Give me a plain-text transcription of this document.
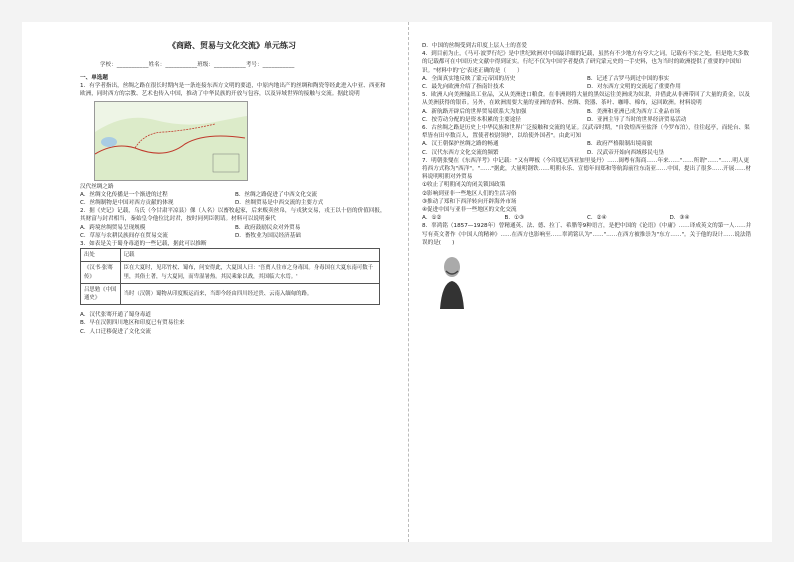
《商路、贸易与文化交流》单元练习
学校：___________姓名：___________班级：___________考号：___________

一、单选题

1．有学者指出，丝绸之路在很长时期内是一条连接东西方文明的要道，中原内地出产的丝绸和陶瓷等经此进入中亚、西亚和欧洲，同时西方的宗教、艺术也传入中国，推动了中华民族的开放与包容，以及异域世界的接触与交流。据此说明

汉代丝绸之路

A．丝绸文化传播是一个渐进的过程	B．丝绸之路促进了中西文化交流
C．丝绸制物是中国对西方贡献的体现	D．丝绸贸易是中西交流的主要方式

2．据《史记》记载，乌氏（今甘肃平凉县）倮（人名）以畜牧起家，后来贩卖丝帛，与戎狄交易，戎王以十倍的价值回报，其财富与封君相当，秦始皇令他位比封君，按时同列臣朝请。材料可以说明秦代

A．跨境丝绸贸易呈现规模	B．政府鼓励民众对外贸易
C．草原与农耕民族间存在贸易交流	D．畜牧业为国民经济基础

3．如表是关于蜀身毒道的一些记载，据此可以推断

出处	记载
《汉书·张骞传》	臣在大夏时，见邛竹杖、蜀布，问安得此，大夏国人曰：'吾贾人往市之身毒国。身毒国在大夏东南可数千里，其俗土著，与大夏同，而卑湿暑热。其民乘象以战，其国临大水焉。'
吕思勉《中国通史》	当时（汉朝）蜀物从印度贩运而来，当即今经由四川经过贵、云南入缅甸的路。

A．汉代张骞开通了蜀身毒道

B．早在汉朝四川地区和印度已有贸易往来

C．人口迁移促进了文化交流

D．中国的丝绸受到古印度上层人士的喜爱

4．到目前为止，《马可·波罗行纪》是中世纪欧洲对中国最详细的记载，虽然有不少地方有夸大之词，记载有不实之处，但是绝大多数的记载都可在中国历史文献中得到证实。行纪不仅为中国学者提供了研究蒙元史的一手史料，也为当时的欧洲提供了重要的中国知识。"材料中的'它'表述正确的是（　　）

A．全面真实地反映了蒙元帝国的历史	B．记述了古罗马到过中国的事实
C．最先向欧洲介绍了指南针技术	D．对东西方文明的交流起了重要作用

5．欧洲人向美洲输出工业品，又从美洲进口粮食。在非洲则将大量的黑奴运往美洲成为奴隶，并借此从非洲带回了大量的黄金，以及从美洲获得的银币。另外，在欧洲需要大量的亚洲的香料、丝绸、瓷器、茶叶、咖啡、棉布，运回欧洲。材料说明

A．新航路开辟后的世界贸易联系大为加强	B．美洲和亚洲已成为西方工业品市场
C．按劳动分配的是资本积累的主要途径	D．亚洲主导了当时的世界经济贸易活动

6．古丝绸之路是历史上中华民族和世界广泛接触和交流的见证。汉武帝时期，"自敦煌西至盐泽（今罗布泊），往往起亭，而轮台、渠犁皆有田卒数百人，置使者校尉领护，以给使外国者"。由此可知

A．汉王朝保护丝绸之路的畅通	B．政府严格限制出境商旅
C．汉代东西方文化交流的频繁	D．汉武帝开始向西域移民屯垦

7．明朝张燮在《东西洋考》中记载："又有呷板（今印度尼西亚加里曼丹）……闽粤有海商……年来……"……所谓"……"……明人更将西方式称为"西洋"。"……"据此，大量明钢铁……明朝永乐、宣德年间郑和等航海前往东南亚……中国，提出了很多……开展……材料说明明朝对外贸易

①收止了明朝闭关的闭关锁国政策

②影响到亚非一些地区人们的生活习俗

③推动了郑和下西洋转向开辟海外市场

④促进中国与亚非一些地区的文化交流

A．①②	B．①③	C．②④	D．③④

8．辜鸿铭（1857—1928年）曾精通英、法、德、拉丁、希腊等9种语言，是把中国的《论语》《中庸》……译成英文的第一人……并写有英文著作《中国人的精神》……在西方也影响至……辜鸿铭认为"……"……在西方被推崇为"东方……"。关于他的设计……说法错误的是(　　)
